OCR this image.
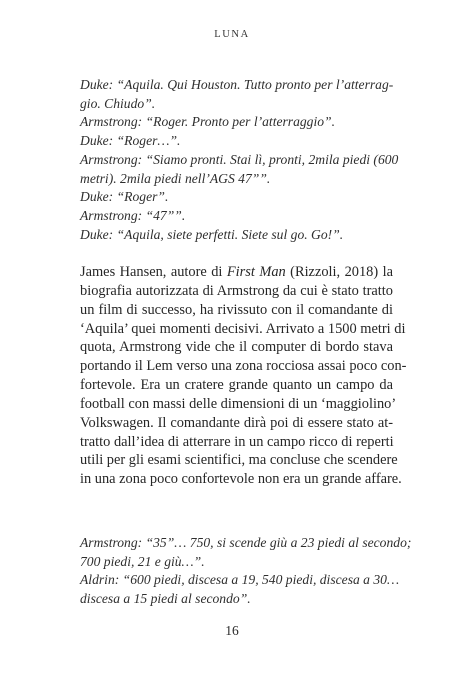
LUNA
Duke: “Aquila. Qui Houston. Tutto pronto per l’atterrag-
gio. Chiudo”.
Armstrong: “Roger. Pronto per l’atterraggio”.
Duke: “Roger…”.
Armstrong: “Siamo pronti. Stai lì, pronti, 2mila piedi (600
metri). 2mila piedi nell’AGS 47””.
Duke: “Roger”.
Armstrong: “47””.
Duke: “Aquila, siete perfetti. Siete sul go. Go!”.
James Hansen, autore di First Man (Rizzoli, 2018) la
biografia autorizzata di Armstrong da cui è stato tratto
un film di successo, ha rivissuto con il comandante di
‘Aquila’ quei momenti decisivi. Arrivato a 1500 metri di
quota, Armstrong vide che il computer di bordo stava
portando il Lem verso una zona rocciosa assai poco con-
fortevole. Era un cratere grande quanto un campo da
football con massi delle dimensioni di un ‘maggiolino’
Volkswagen. Il comandante dirà poi di essere stato at-
tratto dall’idea di atterrare in un campo ricco di reperti
utili per gli esami scientifici, ma concluse che scendere
in una zona poco confortevole non era un grande affare.
Armstrong: “35”… 750, si scende giù a 23 piedi al secondo;
700 piedi, 21 e giù…”.
Aldrin: “600 piedi, discesa a 19, 540 piedi, discesa a 30…
discesa a 15 piedi al secondo”.
16
